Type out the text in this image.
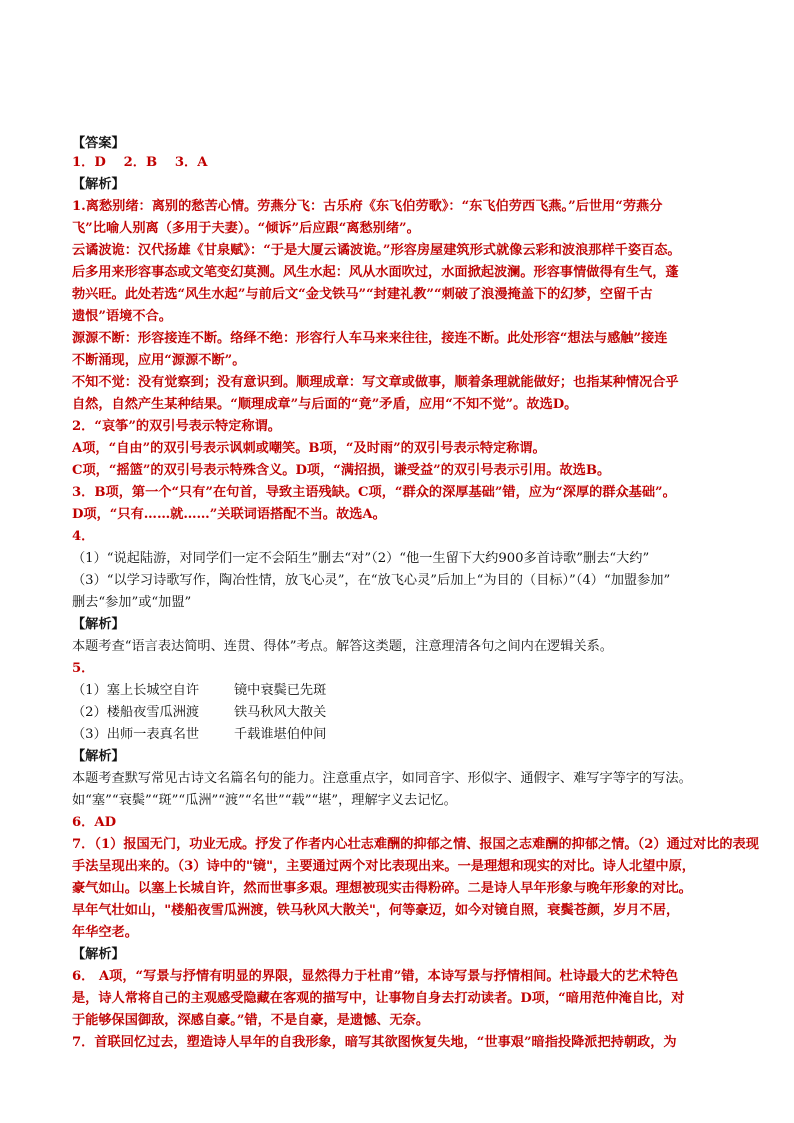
【答案】
1．D　 2．B　 3．A
【解析】
1.离愁别绪：离别的愁苦心情。劳燕分飞：古乐府《东飞伯劳歌》：“东飞伯劳西飞燕。”后世用“劳燕分
飞”比喻人别离（多用于夫妻）。“倾诉”后应跟“离愁别绪”。
云谲波诡：汉代扬雄《甘泉赋》：“于是大厦云谲波诡。”形容房屋建筑形式就像云彩和波浪那样千姿百态。
后多用来形容事态或文笔变幻莫测。风生水起：风从水面吹过，水面掀起波澜。形容事情做得有生气，蓬
勃兴旺。此处若选“风生水起”与前后文“金戈铁马”“封建礼教”“刺破了浪漫掩盖下的幻梦，空留千古
遗恨”语境不合。
源源不断：形容接连不断。络绎不绝：形容行人车马来来往往，接连不断。此处形容“想法与感触”接连
不断涌现，应用“源源不断”。
不知不觉：没有觉察到；没有意识到。顺理成章：写文章或做事，顺着条理就能做好；也指某种情况合乎
自然，自然产生某种结果。“顺理成章”与后面的“竟”矛盾，应用“不知不觉”。故选D。
2．“哀筝”的双引号表示特定称谓。
A项，“自由”的双引号表示讽刺或嘲笑。B项，“及时雨”的双引号表示特定称谓。
C项，“摇篮”的双引号表示特殊含义。D项，“满招损，谦受益”的双引号表示引用。故选B。
3．B项，第一个“只有”在句首，导致主语残缺。C项，“群众的深厚基础”错，应为“深厚的群众基础”。
D项，“只有……就……”关联词语搭配不当。故选A。
4．
（1）“说起陆游，对同学们一定不会陌生”删去“对”（2）“他一生留下大约900多首诗歌”删去“大约”
（3）“以学习诗歌写作，陶冶性情，放飞心灵”，在“放飞心灵”后加上“为目的（目标）”（4）“加盟参加”
删去“参加”或“加盟”
【解析】
本题考查“语言表达简明、连贯、得体”考点。解答这类题，注意理清各句之间内在逻辑关系。
5．
（1）塞上长城空自许	镜中衰鬓已先斑
（2）楼船夜雪瓜洲渡	铁马秋风大散关
（3）出师一表真名世	千载谁堪伯仲间
【解析】
本题考查默写常见古诗文名篇名句的能力。注意重点字，如同音字、形似字、通假字、难写字等字的写法。
如“塞”“衰鬓”“斑”“瓜洲”“渡”“名世”“载”“堪”，理解字义去记忆。
6．AD
7．（1）报国无门，功业无成。抒发了作者内心壮志难酬的抑郁之情、报国之志难酬的抑郁之情。（2）通过对比的表现
手法呈现出来的。（3）诗中的"镜"，主要通过两个对比表现出来。一是理想和现实的对比。诗人北望中原，
豪气如山。以塞上长城自许，然而世事多艰。理想被现实击得粉碎。二是诗人早年形象与晚年形象的对比。
早年气壮如山，"楼船夜雪瓜洲渡，铁马秋风大散关"，何等豪迈，如今对镜自照，衰鬓苍颜，岁月不居，
年华空老。
【解析】
6． A项，“写景与抒情有明显的界限，显然得力于杜甫”错，本诗写景与抒情相间。杜诗最大的艺术特色
是，诗人常将自己的主观感受隐藏在客观的描写中，让事物自身去打动读者。D项，“暗用范仲淹自比，对
于能够保国御敌，深感自豪。”错，不是自豪，是遗憾、无奈。
7．首联回忆过去，塑造诗人早年的自我形象，暗写其欲图恢复失地，“世事艰”暗指投降派把持朝政，为
